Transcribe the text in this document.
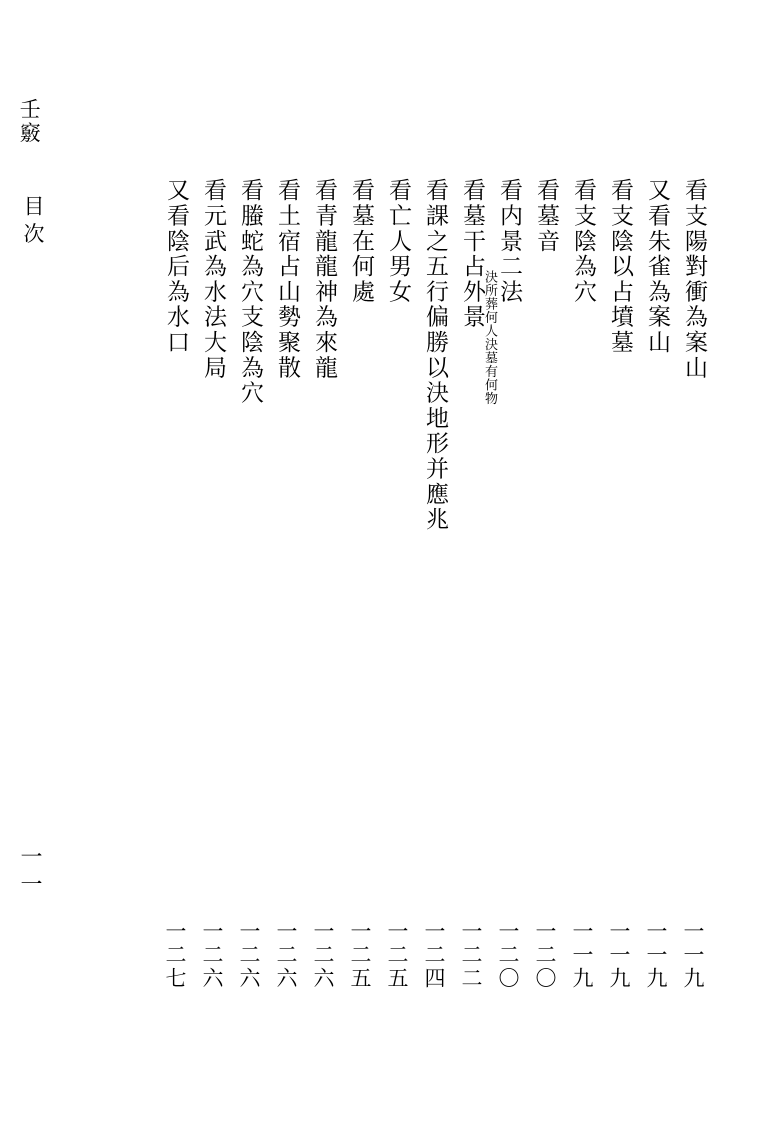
壬竅
目次
一一
看支陽對衝為案山
又看朱雀為案山
看支陰以占墳墓
看支陰為穴
看墓音
看内景二法
決所葬何人決墓有何物
看墓干占外景
看課之五行偏勝以決地形并應兆
看亡人男女
看墓在何處
看青龍龍神為來龍
看土宿占山勢聚散
看螣蛇為穴支陰為穴
看元武為水法大局
又看陰后為水口
一一九
一一九
一一九
一一九
一二〇
一二〇
一二二
一二四
一二五
一二五
一二六
一二六
一二六
一二六
一二七
